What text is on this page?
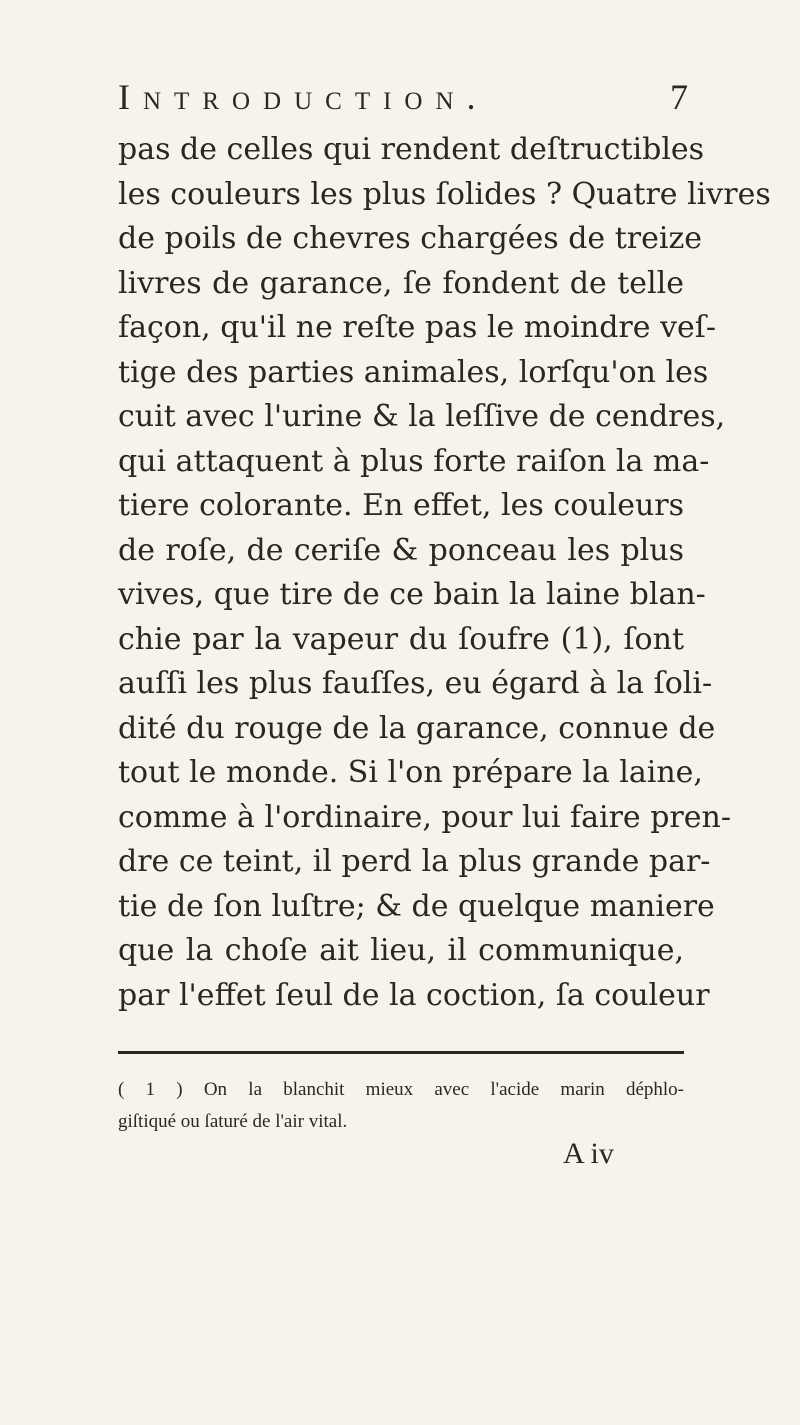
Introduction.	7
pas de celles qui rendent deſtructibles
les couleurs les plus ſolides ? Quatre livres
de poils de chevres chargées de treize
livres de garance, ſe fondent de telle
façon, qu'il ne reſte pas le moindre veſ-
tige des parties animales, lorſqu'on les
cuit avec l'urine & la leſſive de cendres,
qui attaquent à plus forte raiſon la ma-
tiere colorante. En effet, les couleurs
de roſe, de ceriſe & ponceau les plus
vives, que tire de ce bain la laine blan-
chie par la vapeur du ſoufre (1), ſont
auſſi les plus fauſſes, eu égard à la ſoli-
dité du rouge de la garance, connue de
tout le monde. Si l'on prépare la laine,
comme à l'ordinaire, pour lui faire pren-
dre ce teint, il perd la plus grande par-
tie de ſon luſtre; & de quelque maniere
que la choſe ait lieu, il communique,
par l'effet ſeul de la coction, ſa couleur
( 1 ) On la blanchit mieux avec l'acide marin déphlo-
giſtiqué ou ſaturé de l'air vital.
A iv
